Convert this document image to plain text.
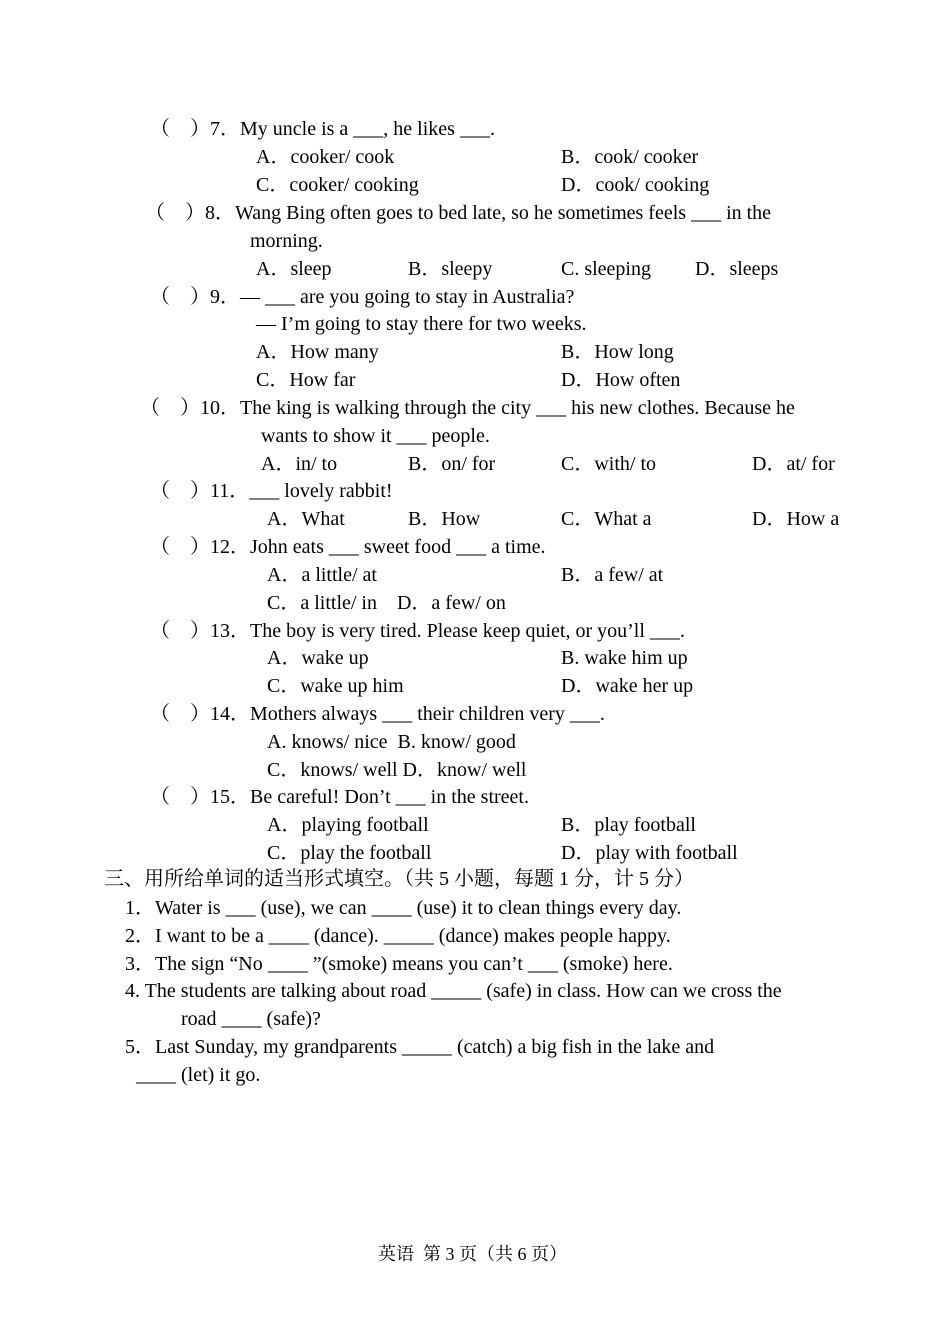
（　）7．My uncle is a ___, he likes ___.
A．cooker/ cook	B．cook/ cooker
C．cooker/ cooking	D．cook/ cooking
（　）8．Wang Bing often goes to bed late, so he sometimes feels ___ in the
morning.
A．sleep	B．sleepy	C. sleeping D．sleeps
（　）9．— ___ are you going to stay in Australia?
— I’m going to stay there for two weeks.
A．How many	B．How long
C．How far	D．How often
（　）10．The king is walking through the city ___ his new clothes. Because he
wants to show it ___ people.
A．in/ to	B．on/ for	C．with/ to	D．at/ for
（　）11．___ lovely rabbit!
A．What	B．How	C．What a	D．How a
（　）12．John eats ___ sweet food ___ a time.
A．a little/ at	B．a few/ at
C．a little/ in　D．a few/ on
（　）13．The boy is very tired. Please keep quiet, or you’ll ___.
A．wake up	B. wake him up
C．wake up him	D．wake her up
（　）14．Mothers always ___ their children very ___.
A. knows/ nice  B. know/ good
C．knows/ well D．know/ well
（　）15．Be careful! Don’t ___ in the street.
A．playing football	B．play football
C．play the football	D．play with football
三、用所给单词的适当形式填空。（共 5 小题，每题 1 分，计 5 分）
1．Water is ___ (use), we can ____ (use) it to clean things every day.
2．I want to be a ____ (dance). _____ (dance) makes people happy.
3．The sign “No ____ ”(smoke) means you can’t ___ (smoke) here.
4. The students are talking about road _____ (safe) in class. How can we cross the
road ____ (safe)?
5．Last Sunday, my grandparents _____ (catch) a big fish in the lake and
____ (let) it go.
英语  第 3 页（共 6 页）
